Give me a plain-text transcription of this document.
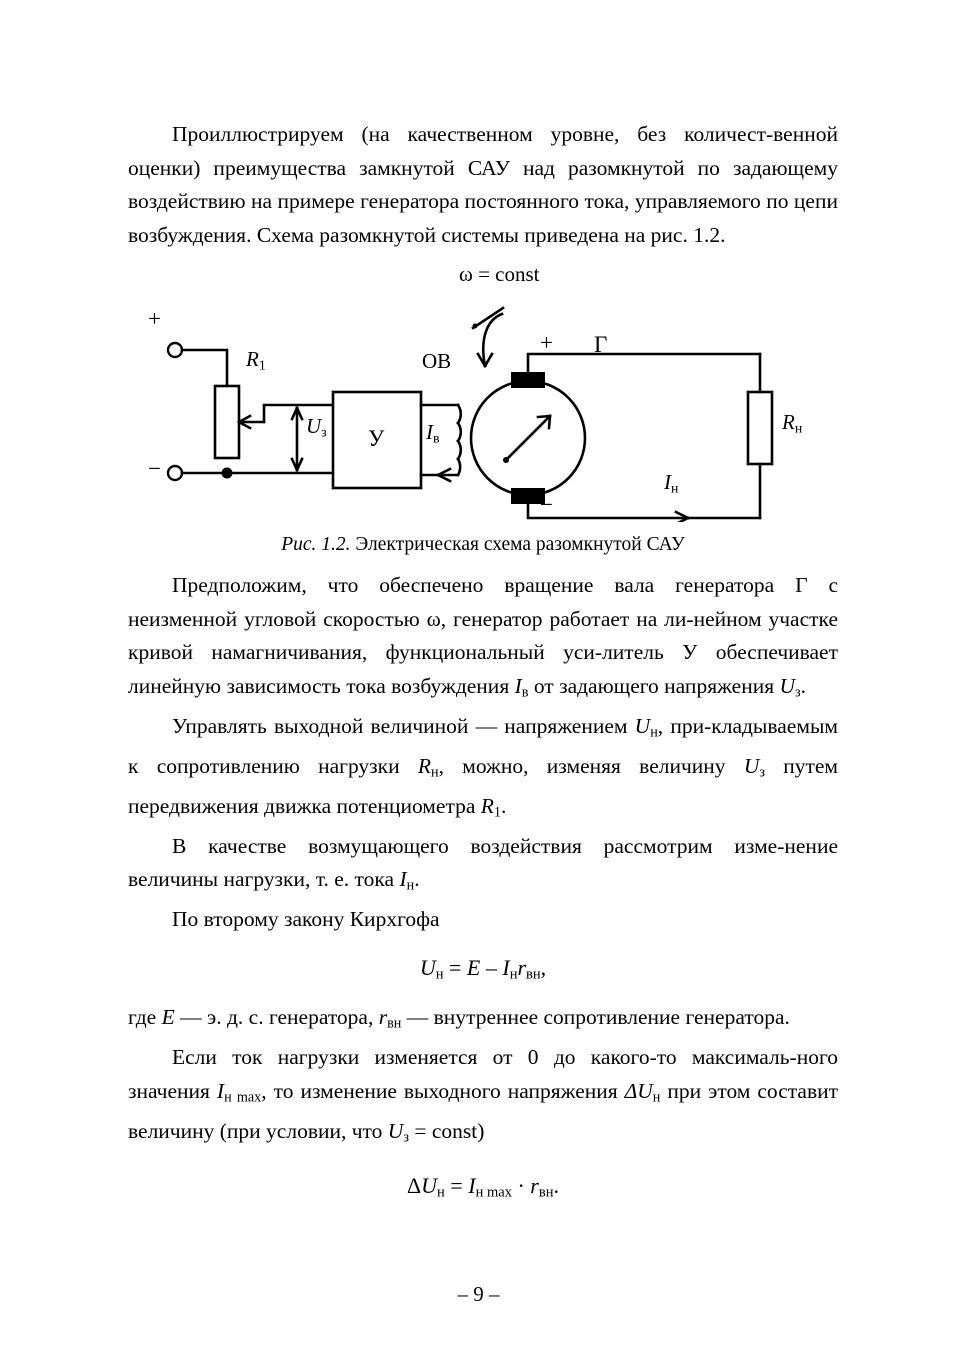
Проиллюстрируем (на качественном уровне, без количест-венной оценки) преимущества замкнутой САУ над разомкнутой по задающему воздействию на примере генератора постоянного тока, управляемого по цепи возбуждения. Схема разомкнутой системы приведена на рис. 1.2.

ω = const
+
−
$R_1$
$U_з$ У
ОВ
$I_в$
+
−
Г
$R_н$
$I_н$
Рис. 1.2. Электрическая схема разомкнутой САУ

Предположим, что обеспечено вращение вала генератора Г с неизменной угловой скоростью ω, генератор работает на ли-нейном участке кривой намагничивания, функциональный уси-литель У обеспечивает линейную зависимость тока возбуждения $I_в$ от задающего напряжения $U_з$.

Управлять выходной величиной — напряжением $U_н$, при-кладываемым к сопротивлению нагрузки $R_н$, можно, изменяя величину $U_з$ путем передвижения движка потенциометра $R_1$.

В качестве возмущающего воздействия рассмотрим изме-нение величины нагрузки, т. е. тока $I_н$.

По второму закону Кирхгофа

$U_н = E - I_нr_{вн}$,

где E — э. д. с. генератора, $r_{вн}$ — внутреннее сопротивление генератора.

Если ток нагрузки изменяется от 0 до какого-то максималь-ного значения $I_{н max}$, то изменение выходного напряжения $\Delta U_н$ при этом составит величину (при условии, что $U_з$ = const)

$\Delta U_н = I_{н max} \cdot r_{вн}$.
– 9 –
